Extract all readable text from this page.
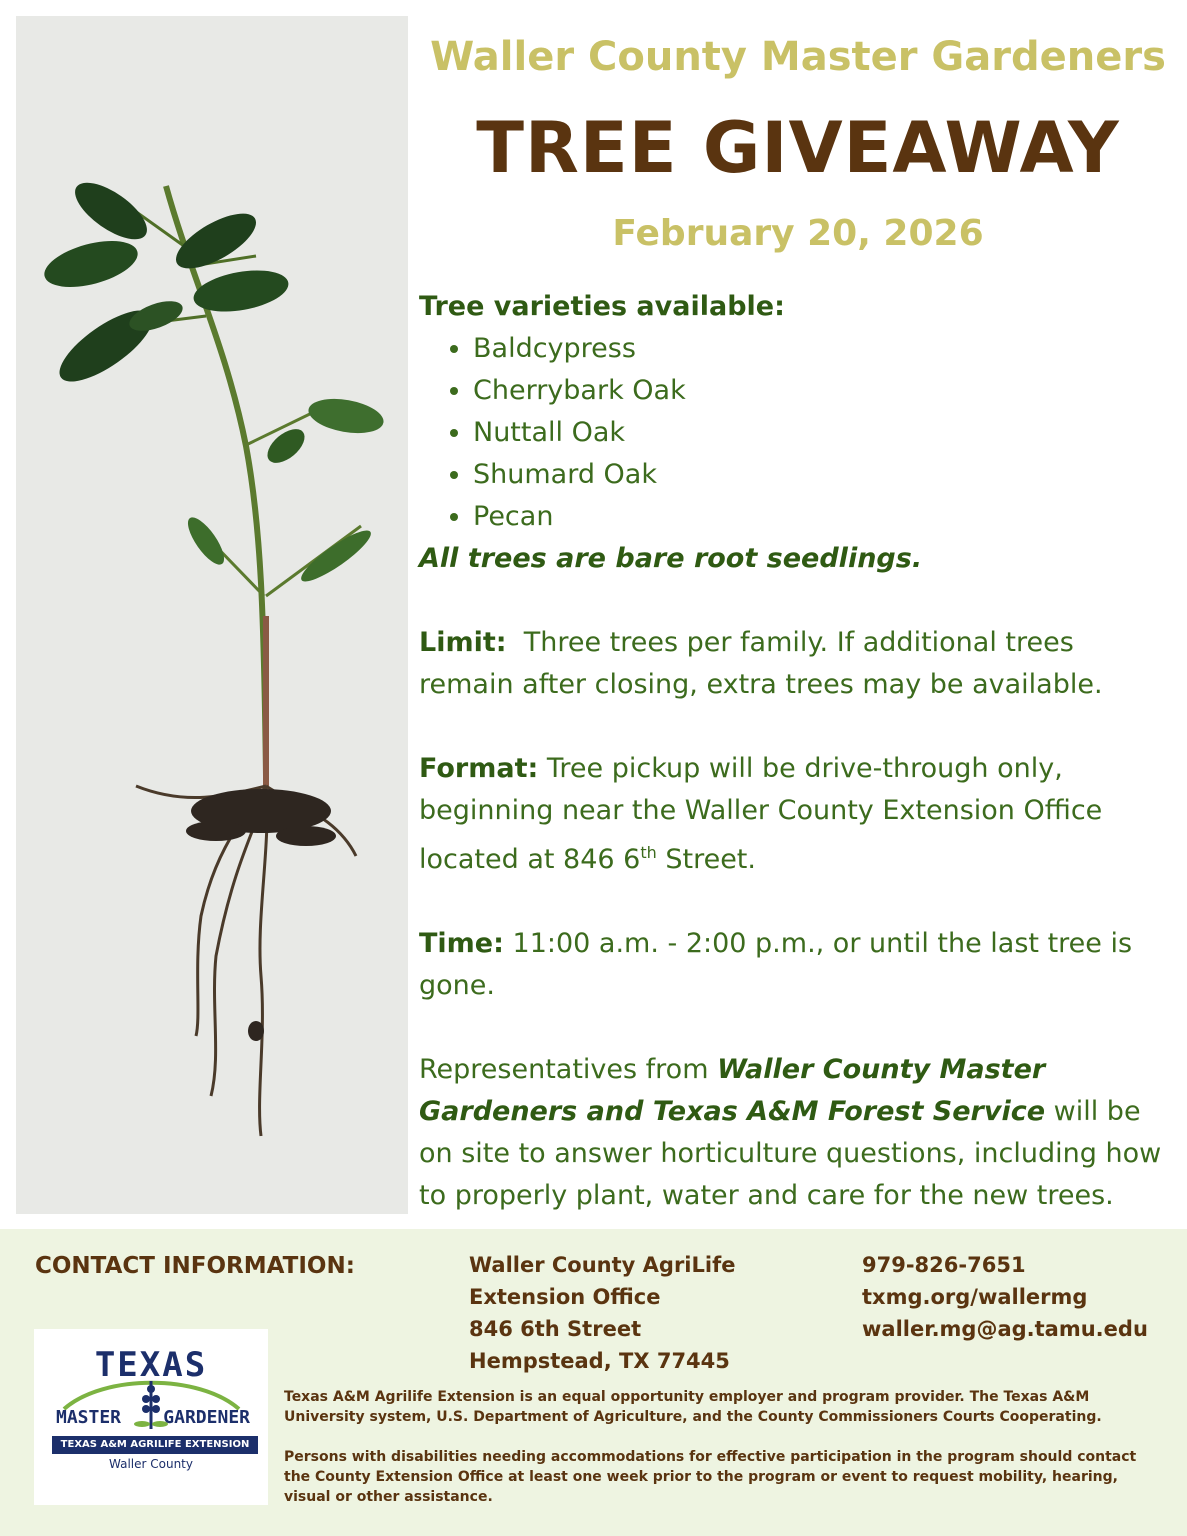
Waller County Master Gardeners
TREE GIVEAWAY
February 20, 2026
Tree varieties available:
• Baldcypress
• Cherrybark Oak
• Nuttall Oak
• Shumard Oak
• Pecan

All trees are bare root seedlings.

Limit: Three trees per family. If additional trees remain after closing, extra trees may be available.

Format: Tree pickup will be drive-through only, beginning near the Waller County Extension Office located at 846 6th Street.

Time: 11:00 a.m. - 2:00 p.m., or until the last tree is gone.

Representatives from Waller County Master Gardeners and Texas A&M Forest Service will be on site to answer horticulture questions, including how to properly plant, water and care for the new trees.

CONTACT INFORMATION:	Waller County AgriLife
Extension Office
846 6th Street
Hempstead, TX 77445
979-826-7651
txmg.org/wallermg
waller.mg@ag.tamu.edu
TEXAS
MASTER GARDENER
TEXAS A&M AGRILIFE EXTENSION
Waller County

Texas A&M Agrilife Extension is an equal opportunity employer and program provider. The Texas A&M University system, U.S. Department of Agriculture, and the County Commissioners Courts Cooperating.

Persons with disabilities needing accommodations for effective participation in the program should contact the County Extension Office at least one week prior to the program or event to request mobility, hearing, visual or other assistance.
